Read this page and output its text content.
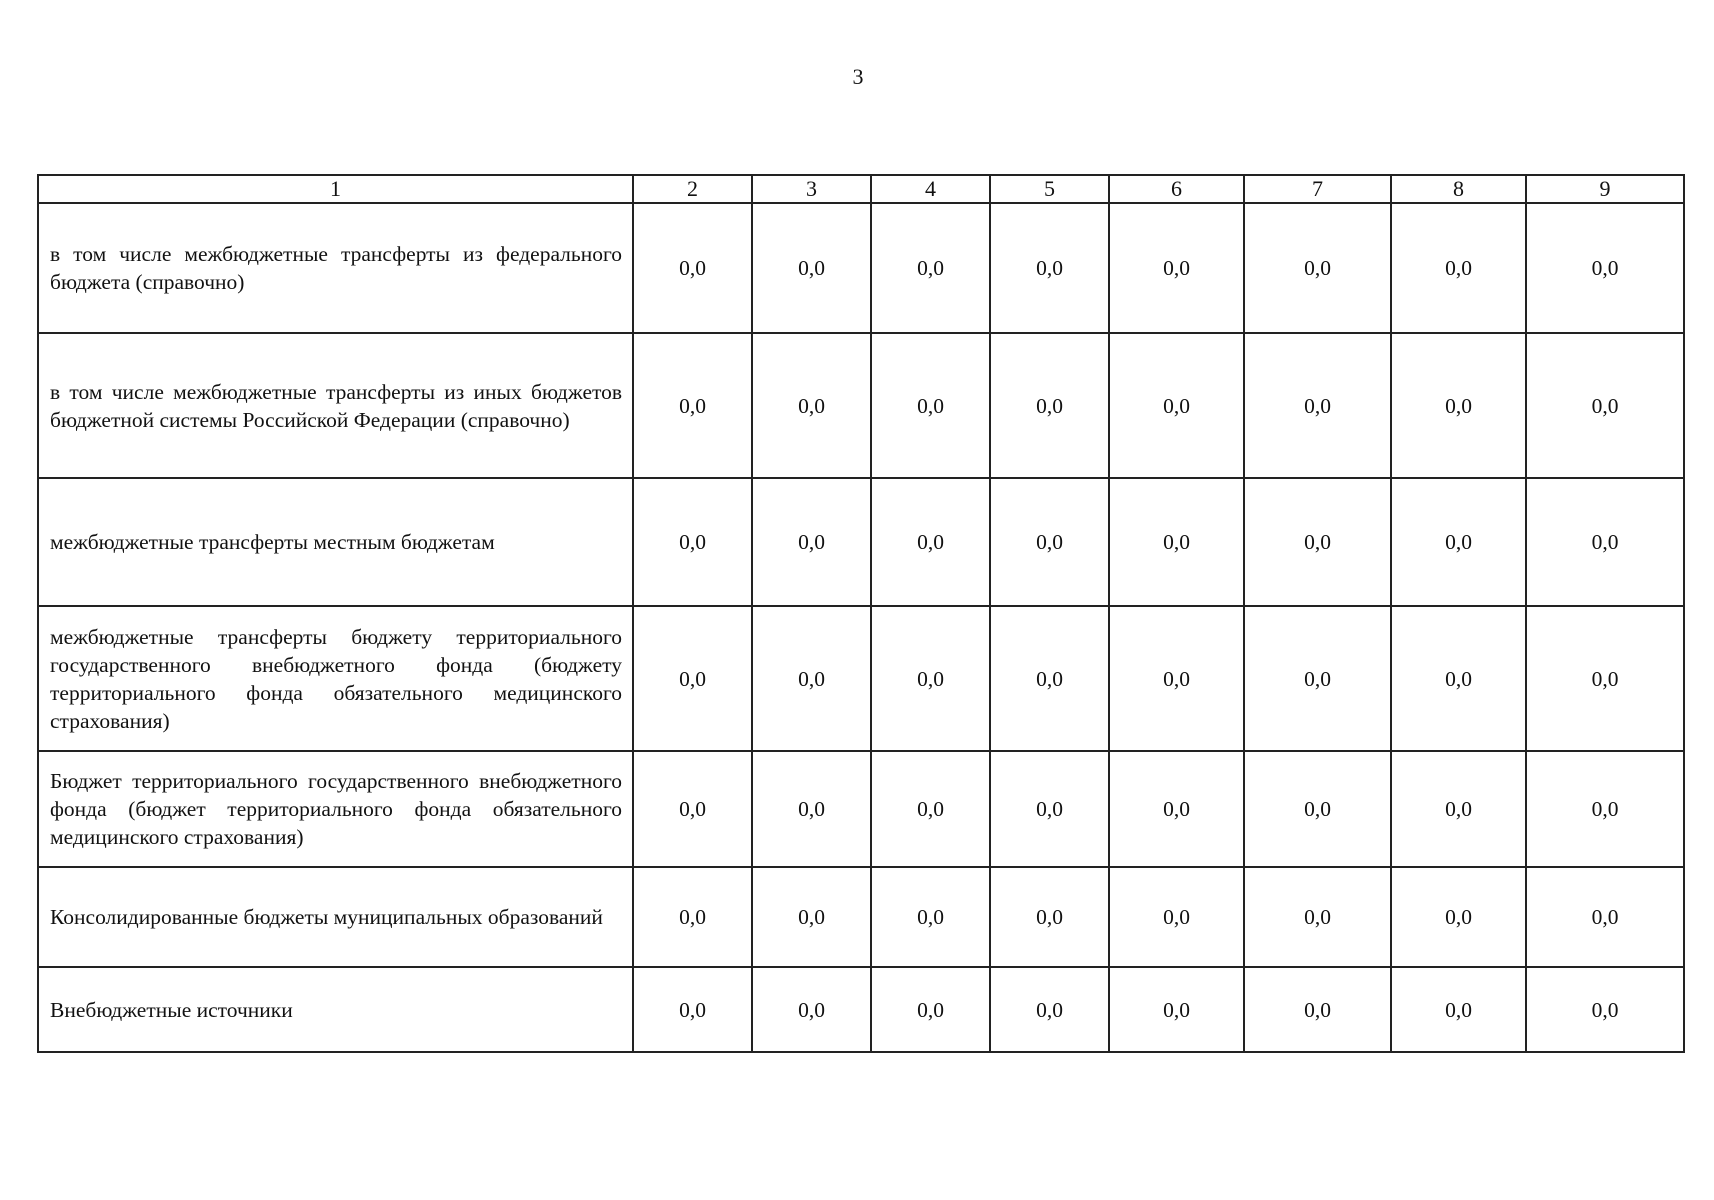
3
1	2	3	4	5	6	7	8	9
в том числе межбюджетные трансферты из федерального бюджета (справочно)	0,0	0,0	0,0	0,0	0,0	0,0	0,0	0,0
в том числе межбюджетные трансферты из иных бюджетов бюджетной системы Российской Федерации (справочно)	0,0	0,0	0,0	0,0	0,0	0,0	0,0	0,0
межбюджетные трансферты местным бюджетам	0,0	0,0	0,0	0,0	0,0	0,0	0,0	0,0
межбюджетные трансферты бюджету территориального государственного внебюджетного фонда (бюджету территориального фонда обязательного медицинского страхования)	0,0	0,0	0,0	0,0	0,0	0,0	0,0	0,0
Бюджет территориального государственного внебюджетного фонда (бюджет территориального фонда обязательного медицинского страхования)	0,0	0,0	0,0	0,0	0,0	0,0	0,0	0,0
Консолидированные бюджеты муниципальных образований	0,0	0,0	0,0	0,0	0,0	0,0	0,0	0,0
Внебюджетные источники	0,0	0,0	0,0	0,0	0,0	0,0	0,0	0,0
